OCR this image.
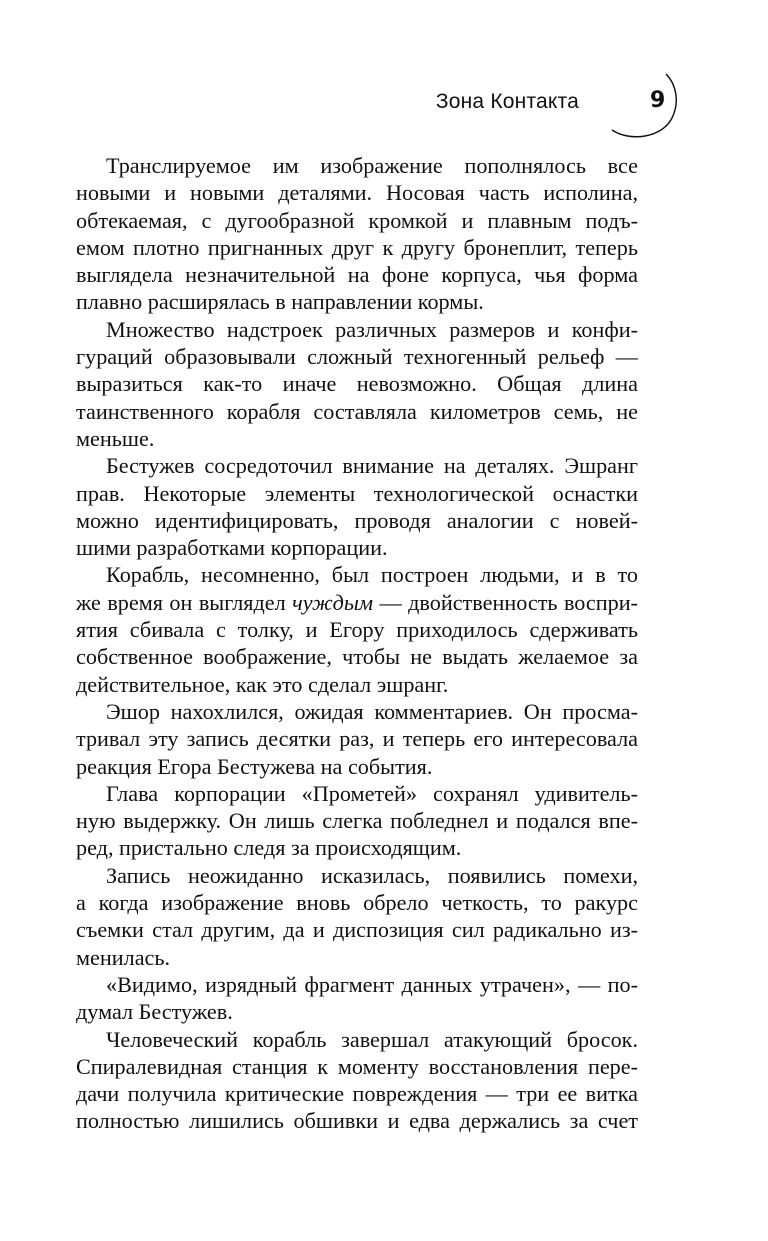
Зона Контакта	9

Транслируемое им изображение пополнялось все
новыми и новыми деталями. Носовая часть исполина,
обтекаемая, с дугообразной кромкой и плавным подъ-
емом плотно пригнанных друг к другу бронеплит, теперь
выглядела незначительной на фоне корпуса, чья форма
плавно расширялась в направлении кормы.

Множество надстроек различных размеров и конфи-
гураций образовывали сложный техногенный рельеф —
выразиться как-то иначе невозможно. Общая длина
таинственного корабля составляла километров семь, не
меньше.

Бестужев сосредоточил внимание на деталях. Эшранг
прав. Некоторые элементы технологической оснастки
можно идентифицировать, проводя аналогии с новей-
шими разработками корпорации.

Корабль, несомненно, был построен людьми, и в то
же время он выглядел чуждым — двойственность воспри-
ятия сбивала с толку, и Егору приходилось сдерживать
собственное воображение, чтобы не выдать желаемое за
действительное, как это сделал эшранг.

Эшор нахохлился, ожидая комментариев. Он просма-
тривал эту запись десятки раз, и теперь его интересовала
реакция Егора Бестужева на события.

Глава корпорации «Прометей» сохранял удивитель-
ную выдержку. Он лишь слегка побледнел и подался впе-
ред, пристально следя за происходящим.

Запись неожиданно исказилась, появились помехи,
а когда изображение вновь обрело четкость, то ракурс
съемки стал другим, да и диспозиция сил радикально из-
менилась.

«Видимо, изрядный фрагмент данных утрачен», — по-
думал Бестужев.

Человеческий корабль завершал атакующий бросок.
Спиралевидная станция к моменту восстановления пере-
дачи получила критические повреждения — три ее витка
полностью лишились обшивки и едва держались за счет
